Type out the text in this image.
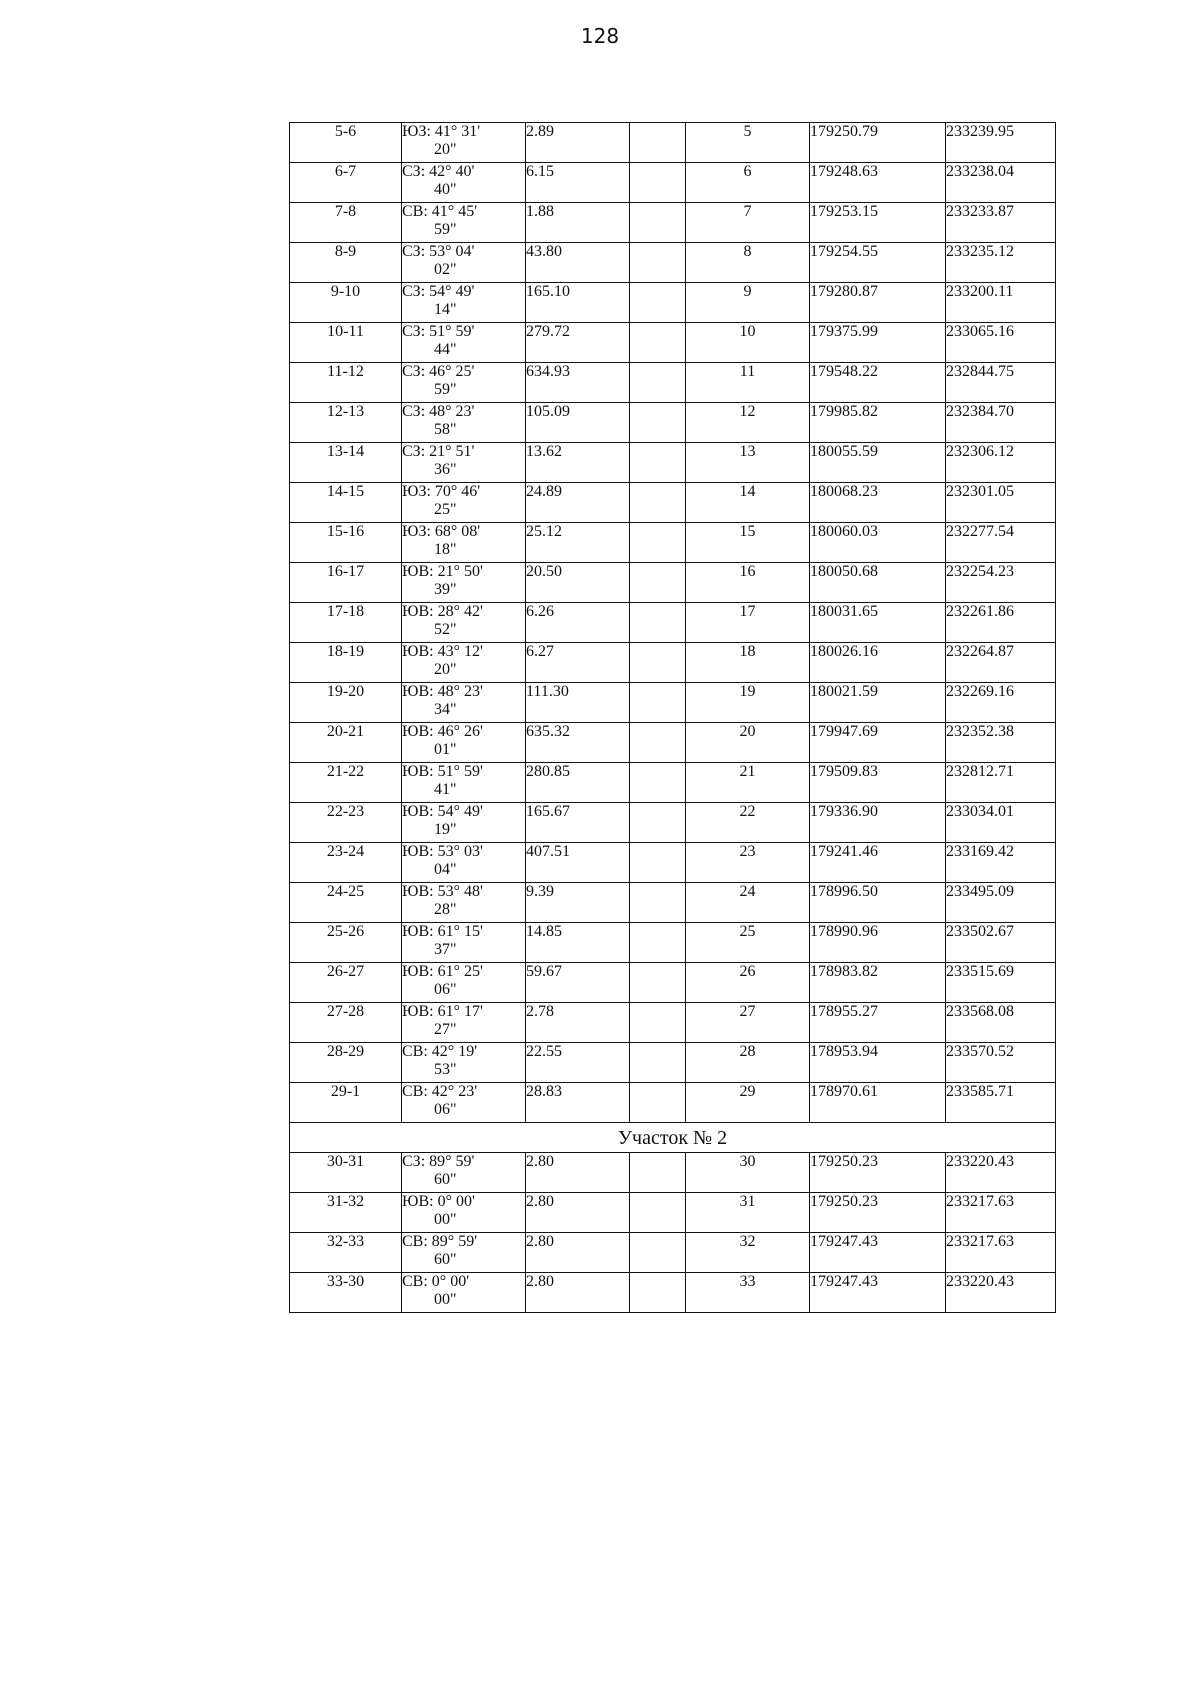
128
5-6	ЮЗ: 41° 31'
20"	2.89		5	179250.79	233239.95
6-7	СЗ: 42° 40'
40"	6.15		6	179248.63	233238.04
7-8	СВ: 41° 45'
59"	1.88		7	179253.15	233233.87
8-9	СЗ: 53° 04'
02"	43.80		8	179254.55	233235.12
9-10	СЗ: 54° 49'
14"	165.10		9	179280.87	233200.11
10-11	СЗ: 51° 59'
44"	279.72		10	179375.99	233065.16
11-12	СЗ: 46° 25'
59"	634.93		11	179548.22	232844.75
12-13	СЗ: 48° 23'
58"	105.09		12	179985.82	232384.70
13-14	СЗ: 21° 51'
36"	13.62		13	180055.59	232306.12
14-15	ЮЗ: 70° 46'
25"	24.89		14	180068.23	232301.05
15-16	ЮЗ: 68° 08'
18"	25.12		15	180060.03	232277.54
16-17	ЮВ: 21° 50'
39"	20.50		16	180050.68	232254.23
17-18	ЮВ: 28° 42'
52"	6.26		17	180031.65	232261.86
18-19	ЮВ: 43° 12'
20"	6.27		18	180026.16	232264.87
19-20	ЮВ: 48° 23'
34"	111.30		19	180021.59	232269.16
20-21	ЮВ: 46° 26'
01"	635.32		20	179947.69	232352.38
21-22	ЮВ: 51° 59'
41"	280.85		21	179509.83	232812.71
22-23	ЮВ: 54° 49'
19"	165.67		22	179336.90	233034.01
23-24	ЮВ: 53° 03'
04"	407.51		23	179241.46	233169.42
24-25	ЮВ: 53° 48'
28"	9.39		24	178996.50	233495.09
25-26	ЮВ: 61° 15'
37"	14.85		25	178990.96	233502.67
26-27	ЮВ: 61° 25'
06"	59.67		26	178983.82	233515.69
27-28	ЮВ: 61° 17'
27"	2.78		27	178955.27	233568.08
28-29	СВ: 42° 19'
53"	22.55		28	178953.94	233570.52
29-1	СВ: 42° 23'
06"	28.83		29	178970.61	233585.71
Участок № 2						
30-31	СЗ: 89° 59'
60"	2.80		30	179250.23	233220.43
31-32	ЮВ: 0° 00'
00"	2.80		31	179250.23	233217.63
32-33	СВ: 89° 59'
60"	2.80		32	179247.43	233217.63
33-30	СВ: 0° 00'
00"	2.80		33	179247.43	233220.43
